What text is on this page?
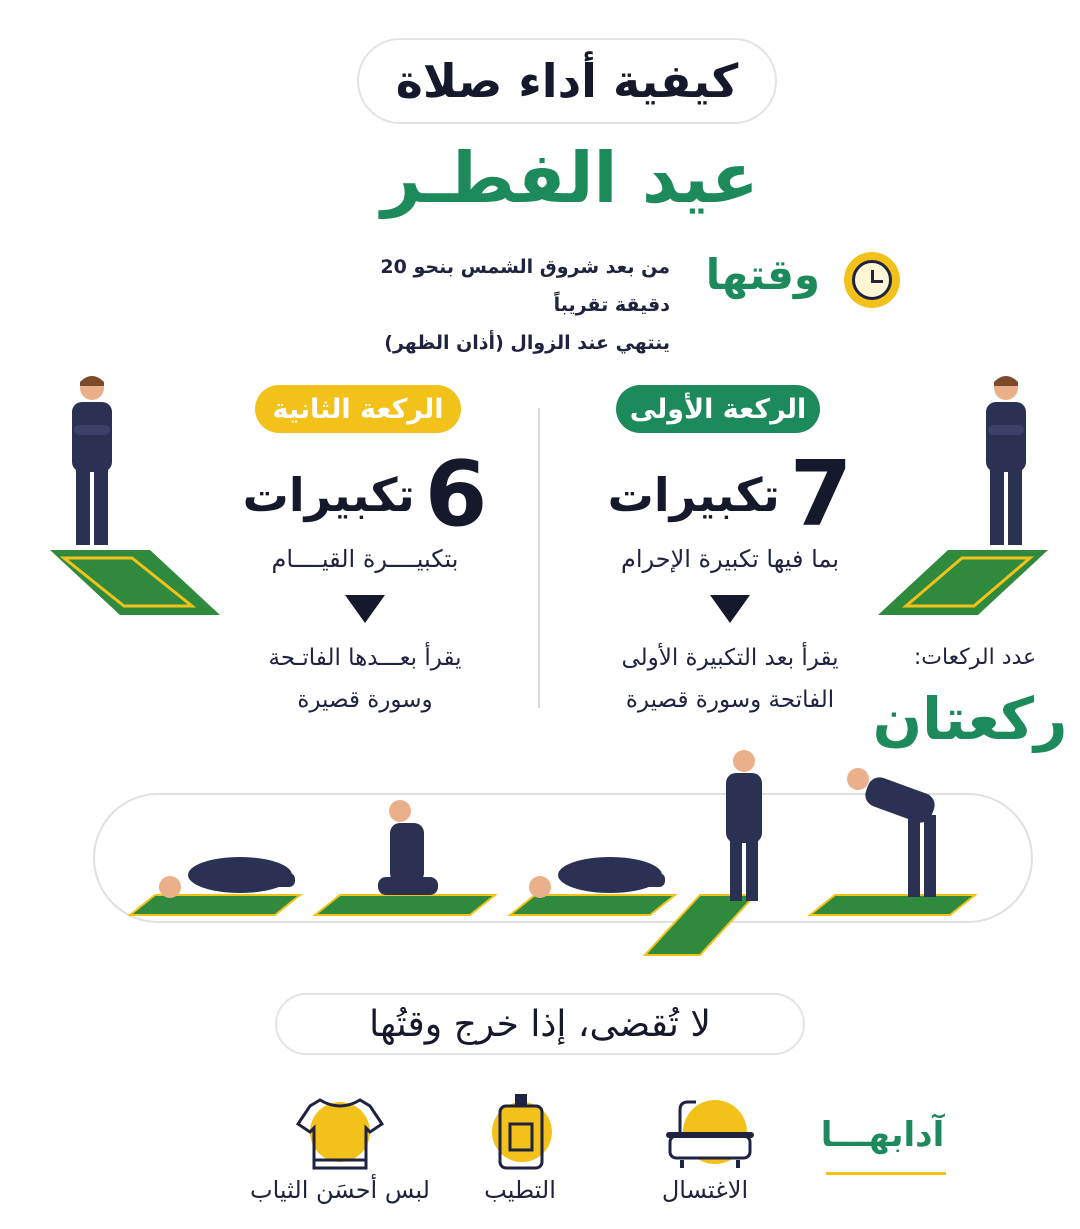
كيفية أداء صلاة
عيد الفطـر
وقتها
من بعد شروق الشمس بنحو 20 دقيقة تقريباً
ينتهي عند الزوال (أذان الظهر)
الركعة الأولى
الركعة الثانية
7
تكبيرات
بما فيها تكبيرة الإحرام
يقرأ بعد التكبيرة الأولى
الفاتحة وسورة قصيرة
6
تكبيرات
بتكبيــــرة القيــــام
يقرأ بعـــدها الفاتـحة
وسورة قصيرة
عدد الركعات:
ركعتان
لا تُقضى، إذا خرج وقتُها
آدابهـــا
الاغتسال
التطيب
لبس أحسَن الثياب
